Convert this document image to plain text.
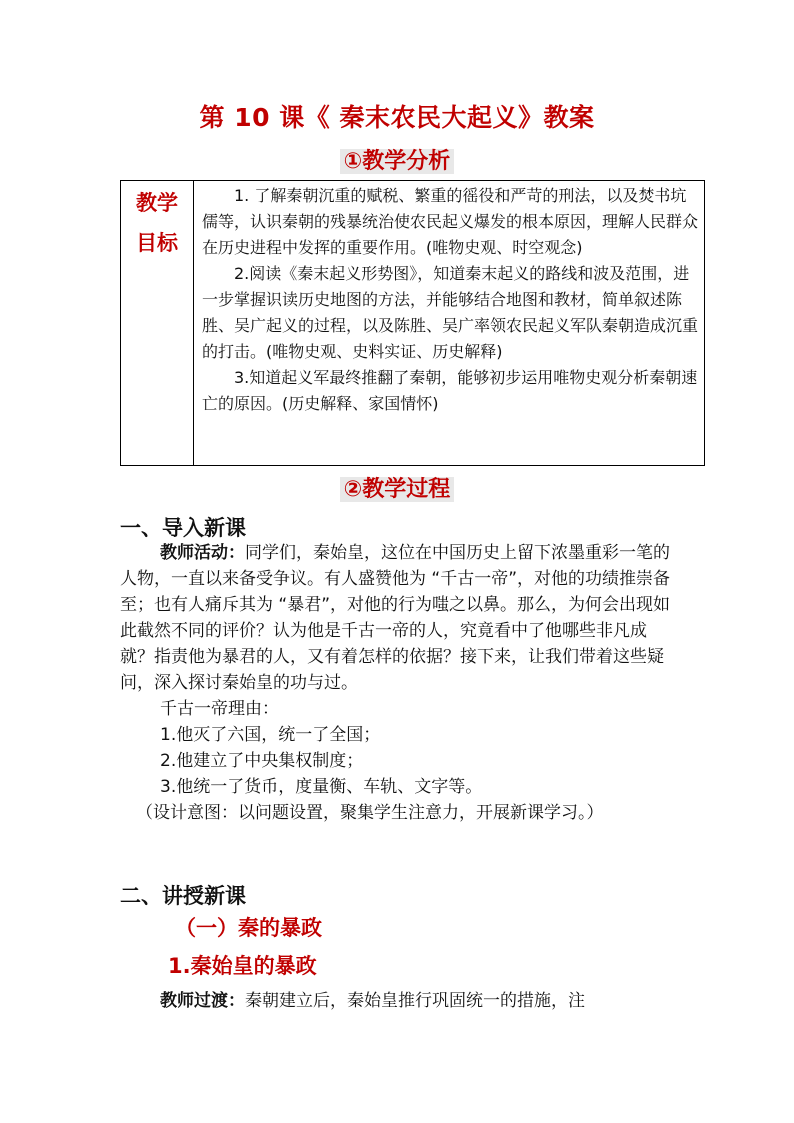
第 10 课《 秦末农民大起义》教案
①教学分析
教学
目标

1. 了解秦朝沉重的赋税、繁重的徭役和严苛的刑法，以及焚书坑儒等，认识秦朝的残暴统治使农民起义爆发的根本原因，理解人民群众在历史进程中发挥的重要作用。(唯物史观、时空观念)

2.阅读《秦末起义形势图》，知道秦末起义的路线和波及范围，进一步掌握识读历史地图的方法，并能够结合地图和教材，简单叙述陈胜、吴广起义的过程，以及陈胜、吴广率领农民起义军队秦朝造成沉重的打击。(唯物史观、史料实证、历史解释)

3.知道起义军最终推翻了秦朝，能够初步运用唯物史观分析秦朝速亡的原因。(历史解释、家国情怀)

②教学过程
一、导入新课

教师活动：同学们，秦始皇，这位在中国历史上留下浓墨重彩一笔的人物，一直以来备受争议。有人盛赞他为 “千古一帝”，对他的功绩推崇备至；也有人痛斥其为 “暴君”，对他的行为嗤之以鼻。那么，为何会出现如此截然不同的评价？认为他是千古一帝的人，究竟看中了他哪些非凡成就？指责他为暴君的人，又有着怎样的依据？接下来，让我们带着这些疑问，深入探讨秦始皇的功与过。

千古一帝理由：

1.他灭了六国，统一了全国；

2.他建立了中央集权制度；

3.他统一了货币，度量衡、车轨、文字等。

（设计意图：以问题设置，聚集学生注意力，开展新课学习。）

二、讲授新课
（一）秦的暴政
1.秦始皇的暴政

教师过渡：秦朝建立后，秦始皇推行巩固统一的措施，注
